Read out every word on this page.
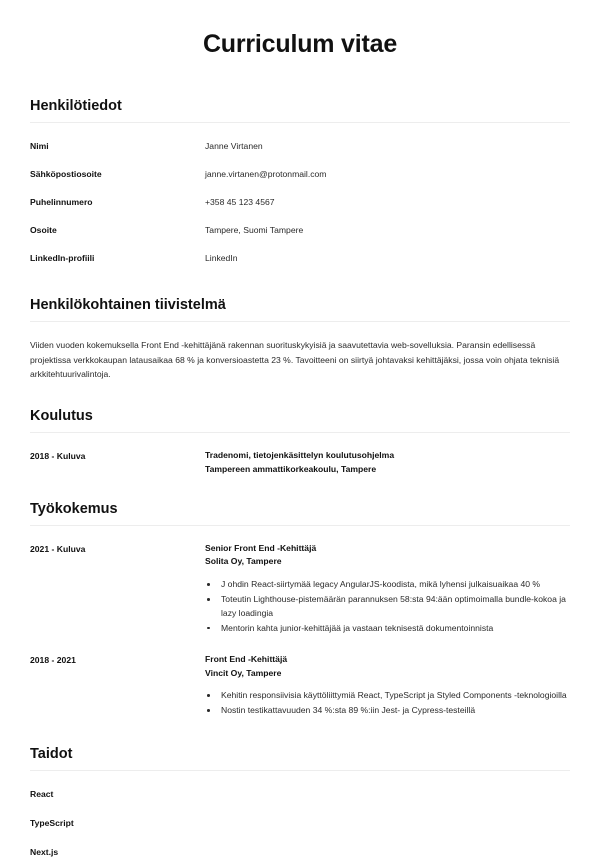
Curriculum vitae
Henkilötiedot
Nimi	Janne Virtanen
Sähköpostiosoite	janne.virtanen@protonmail.com
Puhelinnumero	+358 45 123 4567
Osoite	Tampere, Suomi Tampere
LinkedIn-profiili	LinkedIn
Henkilökohtainen tiivistelmä

Viiden vuoden kokemuksella Front End -kehittäjänä rakennan suorituskykyisiä ja saavutettavia web-sovelluksia. Paransin edellisessä projektissa verkkokaupan latausaikaa 68 % ja konversioastetta 23 %. Tavoitteeni on siirtyä johtavaksi kehittäjäksi, jossa voin ohjata teknisiä arkkitehtuurivalintoja.

Koulutus
2018 - Kuluva	Tradenomi, tietojenkäsittelyn koulutusohjelma
Tampereen ammattikorkeakoulu, Tampere
Työkokemus
2021 - Kuluva	Senior Front End -Kehittäjä
Solita Oy, Tampere
J ohdin React-siirtymää legacy AngularJS-koodista, mikä lyhensi julkaisuaikaa 40 %
Toteutin Lighthouse-pistemäärän parannuksen 58:sta 94:ään optimoimalla bundle-kokoa ja lazy loadingia
Mentorin kahta junior-kehittäjää ja vastaan teknisestä dokumentoinnista
2018 - 2021	Front End -Kehittäjä
Vincit Oy, Tampere
Kehitin responsiivisia käyttöliittymiä React, TypeScript ja Styled Components -teknologioilla
Nostin testikattavuuden 34 %:sta 89 %:iin Jest- ja Cypress-testeillä
Taidot
React
TypeScript
Next.js
